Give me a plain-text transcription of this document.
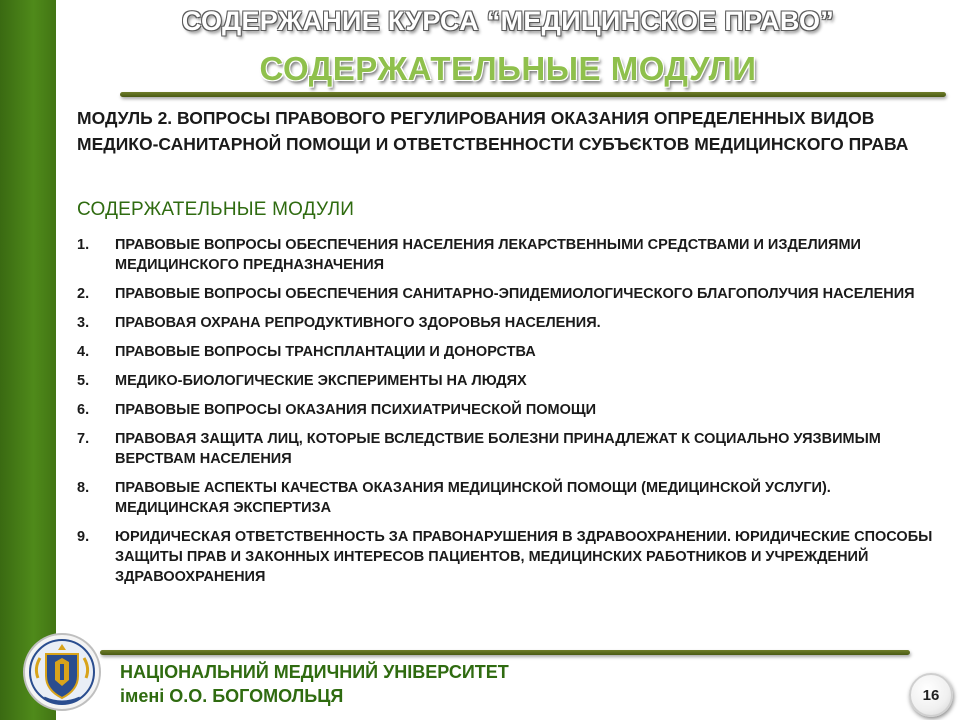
СОДЕРЖАНИЕ КУРСА “МЕДИЦИНСКОЕ ПРАВО”
СОДЕРЖАТЕЛЬНЫЕ МОДУЛИ
МОДУЛЬ 2. ВОПРОСЫ ПРАВОВОГО РЕГУЛИРОВАНИЯ ОКАЗАНИЯ ОПРЕДЕЛЕННЫХ ВИДОВ МЕДИКО-САНИТАРНОЙ ПОМОЩИ И ОТВЕТСТВЕННОСТИ СУБЪЄКТОВ МЕДИЦИНСКОГО ПРАВА
СОДЕРЖАТЕЛЬНЫЕ МОДУЛИ
1.	ПРАВОВЫЕ ВОПРОСЫ ОБЕСПЕЧЕНИЯ НАСЕЛЕНИЯ ЛЕКАРСТВЕННЫМИ СРЕДСТВАМИ И ИЗДЕЛИЯМИ МЕДИЦИНСКОГО ПРЕДНАЗНАЧЕНИЯ
2.	ПРАВОВЫЕ ВОПРОСЫ ОБЕСПЕЧЕНИЯ САНИТАРНО-ЭПИДЕМИОЛОГИЧЕСКОГО БЛАГОПОЛУЧИЯ НАСЕЛЕНИЯ
3.	ПРАВОВАЯ ОХРАНА РЕПРОДУКТИВНОГО ЗДОРОВЬЯ НАСЕЛЕНИЯ.
4.	ПРАВОВЫЕ ВОПРОСЫ ТРАНСПЛАНТАЦИИ И ДОНОРСТВА
5.	МЕДИКО-БИОЛОГИЧЕСКИЕ ЭКСПЕРИМЕНТЫ НА ЛЮДЯХ
6.	ПРАВОВЫЕ ВОПРОСЫ ОКАЗАНИЯ ПСИХИАТРИЧЕСКОЙ ПОМОЩИ
7.	ПРАВОВАЯ ЗАЩИТА ЛИЦ, КОТОРЫЕ ВСЛЕДСТВИЕ БОЛЕЗНИ ПРИНАДЛЕЖАТ К СОЦИАЛЬНО УЯЗВИМЫМ ВЕРСТВАМ НАСЕЛЕНИЯ
8.	ПРАВОВЫЕ АСПЕКТЫ КАЧЕСТВА ОКАЗАНИЯ МЕДИЦИНСКОЙ ПОМОЩИ (МЕДИЦИНСКОЙ УСЛУГИ). МЕДИЦИНСКАЯ ЭКСПЕРТИЗА
9.	ЮРИДИЧЕСКАЯ ОТВЕТСТВЕННОСТЬ ЗА ПРАВОНАРУШЕНИЯ В ЗДРАВООХРАНЕНИИ. ЮРИДИЧЕСКИЕ СПОСОБЫ ЗАЩИТЫ ПРАВ И ЗАКОННЫХ ИНТЕРЕСОВ ПАЦИЕНТОВ, МЕДИЦИНСКИХ РАБОТНИКОВ И УЧРЕЖДЕНИЙ ЗДРАВООХРАНЕНИЯ
НАЦІОНАЛЬНИЙ МЕДИЧНИЙ УНІВЕРСИТЕТ
імені О.О. БОГОМОЛЬЦЯ	16
